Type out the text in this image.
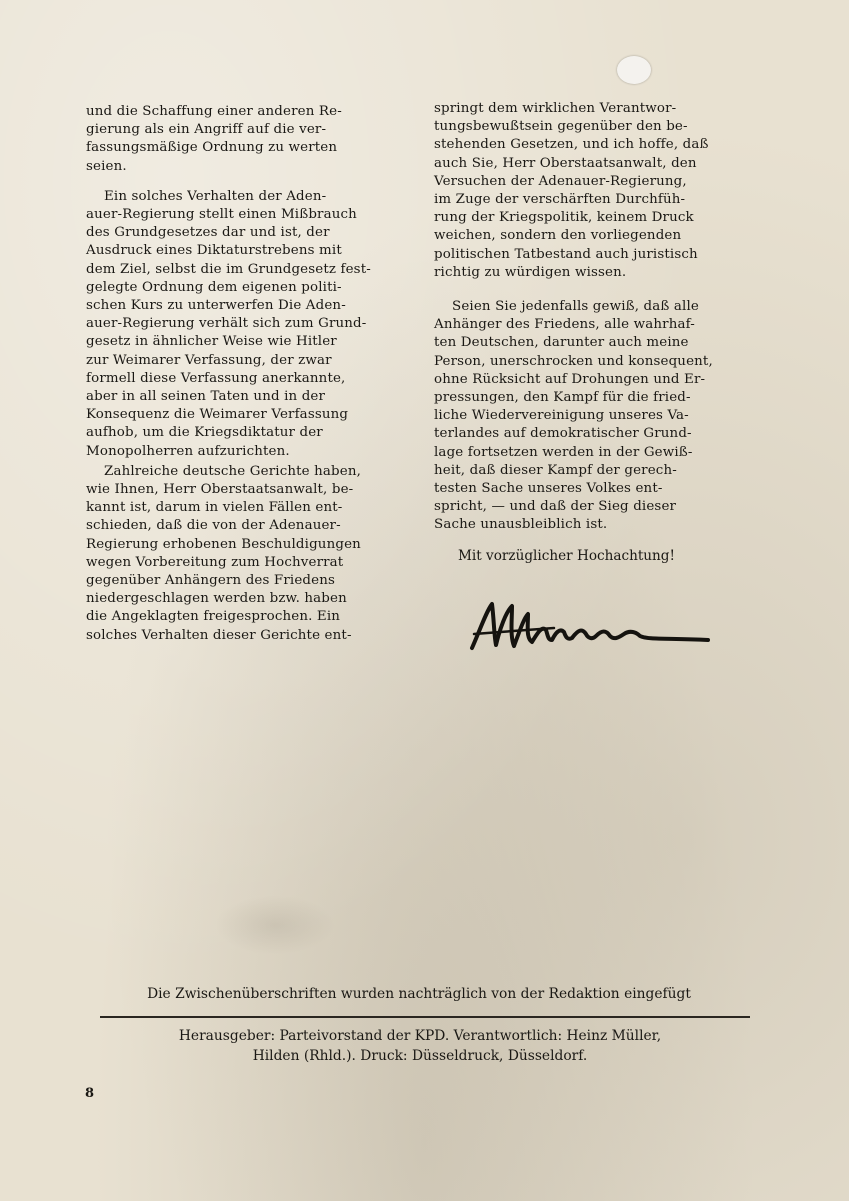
und die Schaffung einer anderen Re-
gierung als ein Angriff auf die ver-
fassungsmäßige Ordnung zu werten
seien.

Ein solches Verhalten der Aden-
auer-Regierung stellt einen Mißbrauch
des Grundgesetzes dar und ist, der
Ausdruck eines Diktaturstrebens mit
dem Ziel, selbst die im Grundgesetz fest-
gelegte Ordnung dem eigenen politi-
schen Kurs zu unterwerfen Die Aden-
auer-Regierung verhält sich zum Grund-
gesetz in ähnlicher Weise wie Hitler
zur Weimarer Verfassung, der zwar
formell diese Verfassung anerkannte,
aber in all seinen Taten und in der
Konsequenz die Weimarer Verfassung
aufhob, um die Kriegsdiktatur der
Monopolherren aufzurichten.

Zahlreiche deutsche Gerichte haben,
wie Ihnen, Herr Oberstaatsanwalt, be-
kannt ist, darum in vielen Fällen ent-
schieden, daß die von der Adenauer-
Regierung erhobenen Beschuldigungen
wegen Vorbereitung zum Hochverrat
gegenüber Anhängern des Friedens
niedergeschlagen werden bzw. haben
die Angeklagten freigesprochen. Ein
solches Verhalten dieser Gerichte ent-

springt dem wirklichen Verantwor-
tungsbewußtsein gegenüber den be-
stehenden Gesetzen, und ich hoffe, daß
auch Sie, Herr Oberstaatsanwalt, den
Versuchen der Adenauer-Regierung,
im Zuge der verschärften Durchfüh-
rung der Kriegspolitik, keinem Druck
weichen, sondern den vorliegenden
politischen Tatbestand auch juristisch
richtig zu würdigen wissen.

Seien Sie jedenfalls gewiß, daß alle
Anhänger des Friedens, alle wahrhaf-
ten Deutschen, darunter auch meine
Person, unerschrocken und konsequent,
ohne Rücksicht auf Drohungen und Er-
pressungen, den Kampf für die fried-
liche Wiedervereinigung unseres Va-
terlandes auf demokratischer Grund-
lage fortsetzen werden in der Gewiß-
heit, daß dieser Kampf der gerech-
testen Sache unseres Volkes ent-
spricht, — und daß der Sieg dieser
Sache unausbleiblich ist.

Mit vorzüglicher Hochachtung!
Die Zwischenüberschriften wurden nachträglich von der Redaktion eingefügt
Herausgeber: Parteivorstand der KPD. Verantwortlich: Heinz Müller,
Hilden (Rhld.). Druck: Düsseldruck, Düsseldorf.
8
